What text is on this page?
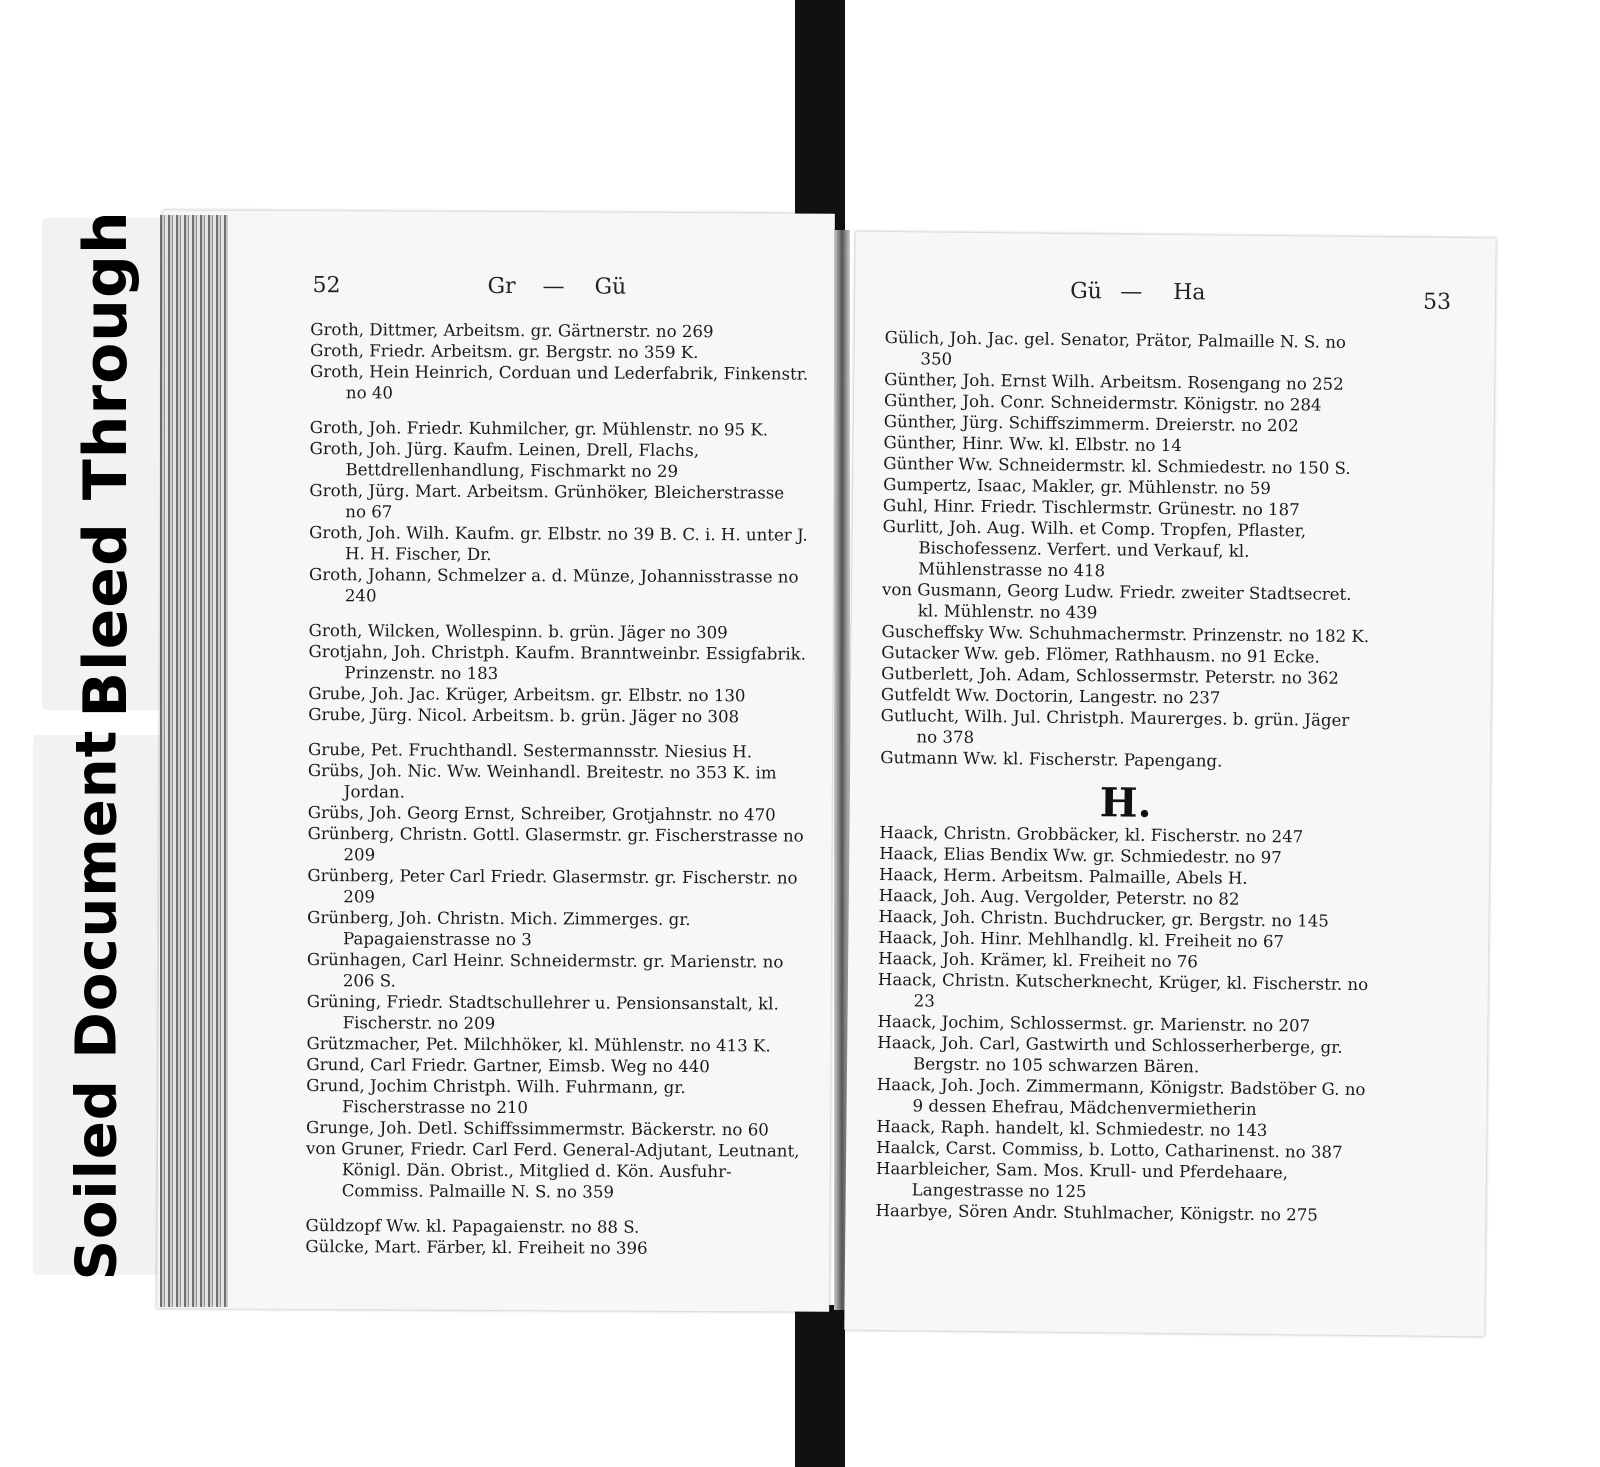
Bleed Through
Soiled Document
52	Gr — Gü
Groth, Dittmer, Arbeitsm. gr. Gärtnerstr. no 269
Groth, Friedr. Arbeitsm. gr. Bergstr. no 359 K.
Groth, Hein Heinrich, Corduan und Lederfabrik, Finkenstr. no 40
Groth, Joh. Friedr. Kuhmilcher, gr. Mühlenstr. no 95 K.
Groth, Joh. Jürg. Kaufm. Leinen, Drell, Flachs, Bettdrellenhandlung, Fischmarkt no 29
Groth, Jürg. Mart. Arbeitsm. Grünhöker, Bleicherstrasse no 67
Groth, Joh. Wilh. Kaufm. gr. Elbstr. no 39 B. C. i. H. unter J. H. H. Fischer, Dr.
Groth, Johann, Schmelzer a. d. Münze, Johannisstrasse no 240
Groth, Wilcken, Wollespinn. b. grün. Jäger no 309
Grotjahn, Joh. Christph. Kaufm. Branntweinbr. Essigfabrik. Prinzenstr. no 183
Grube, Joh. Jac. Krüger, Arbeitsm. gr. Elbstr. no 130
Grube, Jürg. Nicol. Arbeitsm. b. grün. Jäger no 308
Grube, Pet. Fruchthandl. Sestermannsstr. Niesius H.
Grübs, Joh. Nic. Ww. Weinhandl. Breitestr. no 353 K. im Jordan.
Grübs, Joh. Georg Ernst, Schreiber, Grotjahnstr. no 470
Grünberg, Christn. Gottl. Glasermstr. gr. Fischerstrasse no 209
Grünberg, Peter Carl Friedr. Glasermstr. gr. Fischerstr. no 209
Grünberg, Joh. Christn. Mich. Zimmerges. gr. Papagaienstrasse no 3
Grünhagen, Carl Heinr. Schneidermstr. gr. Marienstr. no 206 S.
Grüning, Friedr. Stadtschullehrer u. Pensionsanstalt, kl. Fischerstr. no 209
Grützmacher, Pet. Milchhöker, kl. Mühlenstr. no 413 K.
Grund, Carl Friedr. Gartner, Eimsb. Weg no 440
Grund, Jochim Christph. Wilh. Fuhrmann, gr. Fischerstrasse no 210
Grunge, Joh. Detl. Schiffssimmermstr. Bäckerstr. no 60
von Gruner, Friedr. Carl Ferd. General-Adjutant, Leutnant, Königl. Dän. Obrist., Mitglied d. Kön. Ausfuhr-Commiss. Palmaille N. S. no 359
Güldzopf Ww. kl. Papagaienstr. no 88 S.
Gülcke, Mart. Färber, kl. Freiheit no 396
Gü — Ha	53
Gülich, Joh. Jac. gel. Senator, Prätor, Palmaille N. S. no 350
Günther, Joh. Ernst Wilh. Arbeitsm. Rosengang no 252
Günther, Joh. Conr. Schneidermstr. Königstr. no 284
Günther, Jürg. Schiffszimmerm. Dreierstr. no 202
Günther, Hinr. Ww. kl. Elbstr. no 14
Günther Ww. Schneidermstr. kl. Schmiedestr. no 150 S.
Gumpertz, Isaac, Makler, gr. Mühlenstr. no 59
Guhl, Hinr. Friedr. Tischlermstr. Grünestr. no 187
Gurlitt, Joh. Aug. Wilh. et Comp. Tropfen, Pflaster, Bischofessenz. Verfert. und Verkauf, kl. Mühlenstrasse no 418
von Gusmann, Georg Ludw. Friedr. zweiter Stadtsecret. kl. Mühlenstr. no 439
Guscheffsky Ww. Schuhmachermstr. Prinzenstr. no 182 K.
Gutacker Ww. geb. Flömer, Rathhausm. no 91 Ecke.
Gutberlett, Joh. Adam, Schlossermstr. Peterstr. no 362
Gutfeldt Ww. Doctorin, Langestr. no 237
Gutlucht, Wilh. Jul. Christph. Maurerges. b. grün. Jäger no 378
Gutmann Ww. kl. Fischerstr. Papengang.
H.
Haack, Christn. Grobbäcker, kl. Fischerstr. no 247
Haack, Elias Bendix Ww. gr. Schmiedestr. no 97
Haack, Herm. Arbeitsm. Palmaille, Abels H.
Haack, Joh. Aug. Vergolder, Peterstr. no 82
Haack, Joh. Christn. Buchdrucker, gr. Bergstr. no 145
Haack, Joh. Hinr. Mehlhandlg. kl. Freiheit no 67
Haack, Joh. Krämer, kl. Freiheit no 76
Haack, Christn. Kutscherknecht, Krüger, kl. Fischerstr. no 23
Haack, Jochim, Schlossermst. gr. Marienstr. no 207
Haack, Joh. Carl, Gastwirth und Schlosserherberge, gr. Bergstr. no 105 schwarzen Bären.
Haack, Joh. Joch. Zimmermann, Königstr. Badstöber G. no 9 dessen Ehefrau, Mädchenvermietherin
Haack, Raph. handelt, kl. Schmiedestr. no 143
Haalck, Carst. Commiss, b. Lotto, Catharinenst. no 387
Haarbleicher, Sam. Mos. Krull- und Pferdehaare, Langestrasse no 125
Haarbye, Sören Andr. Stuhlmacher, Königstr. no 275
